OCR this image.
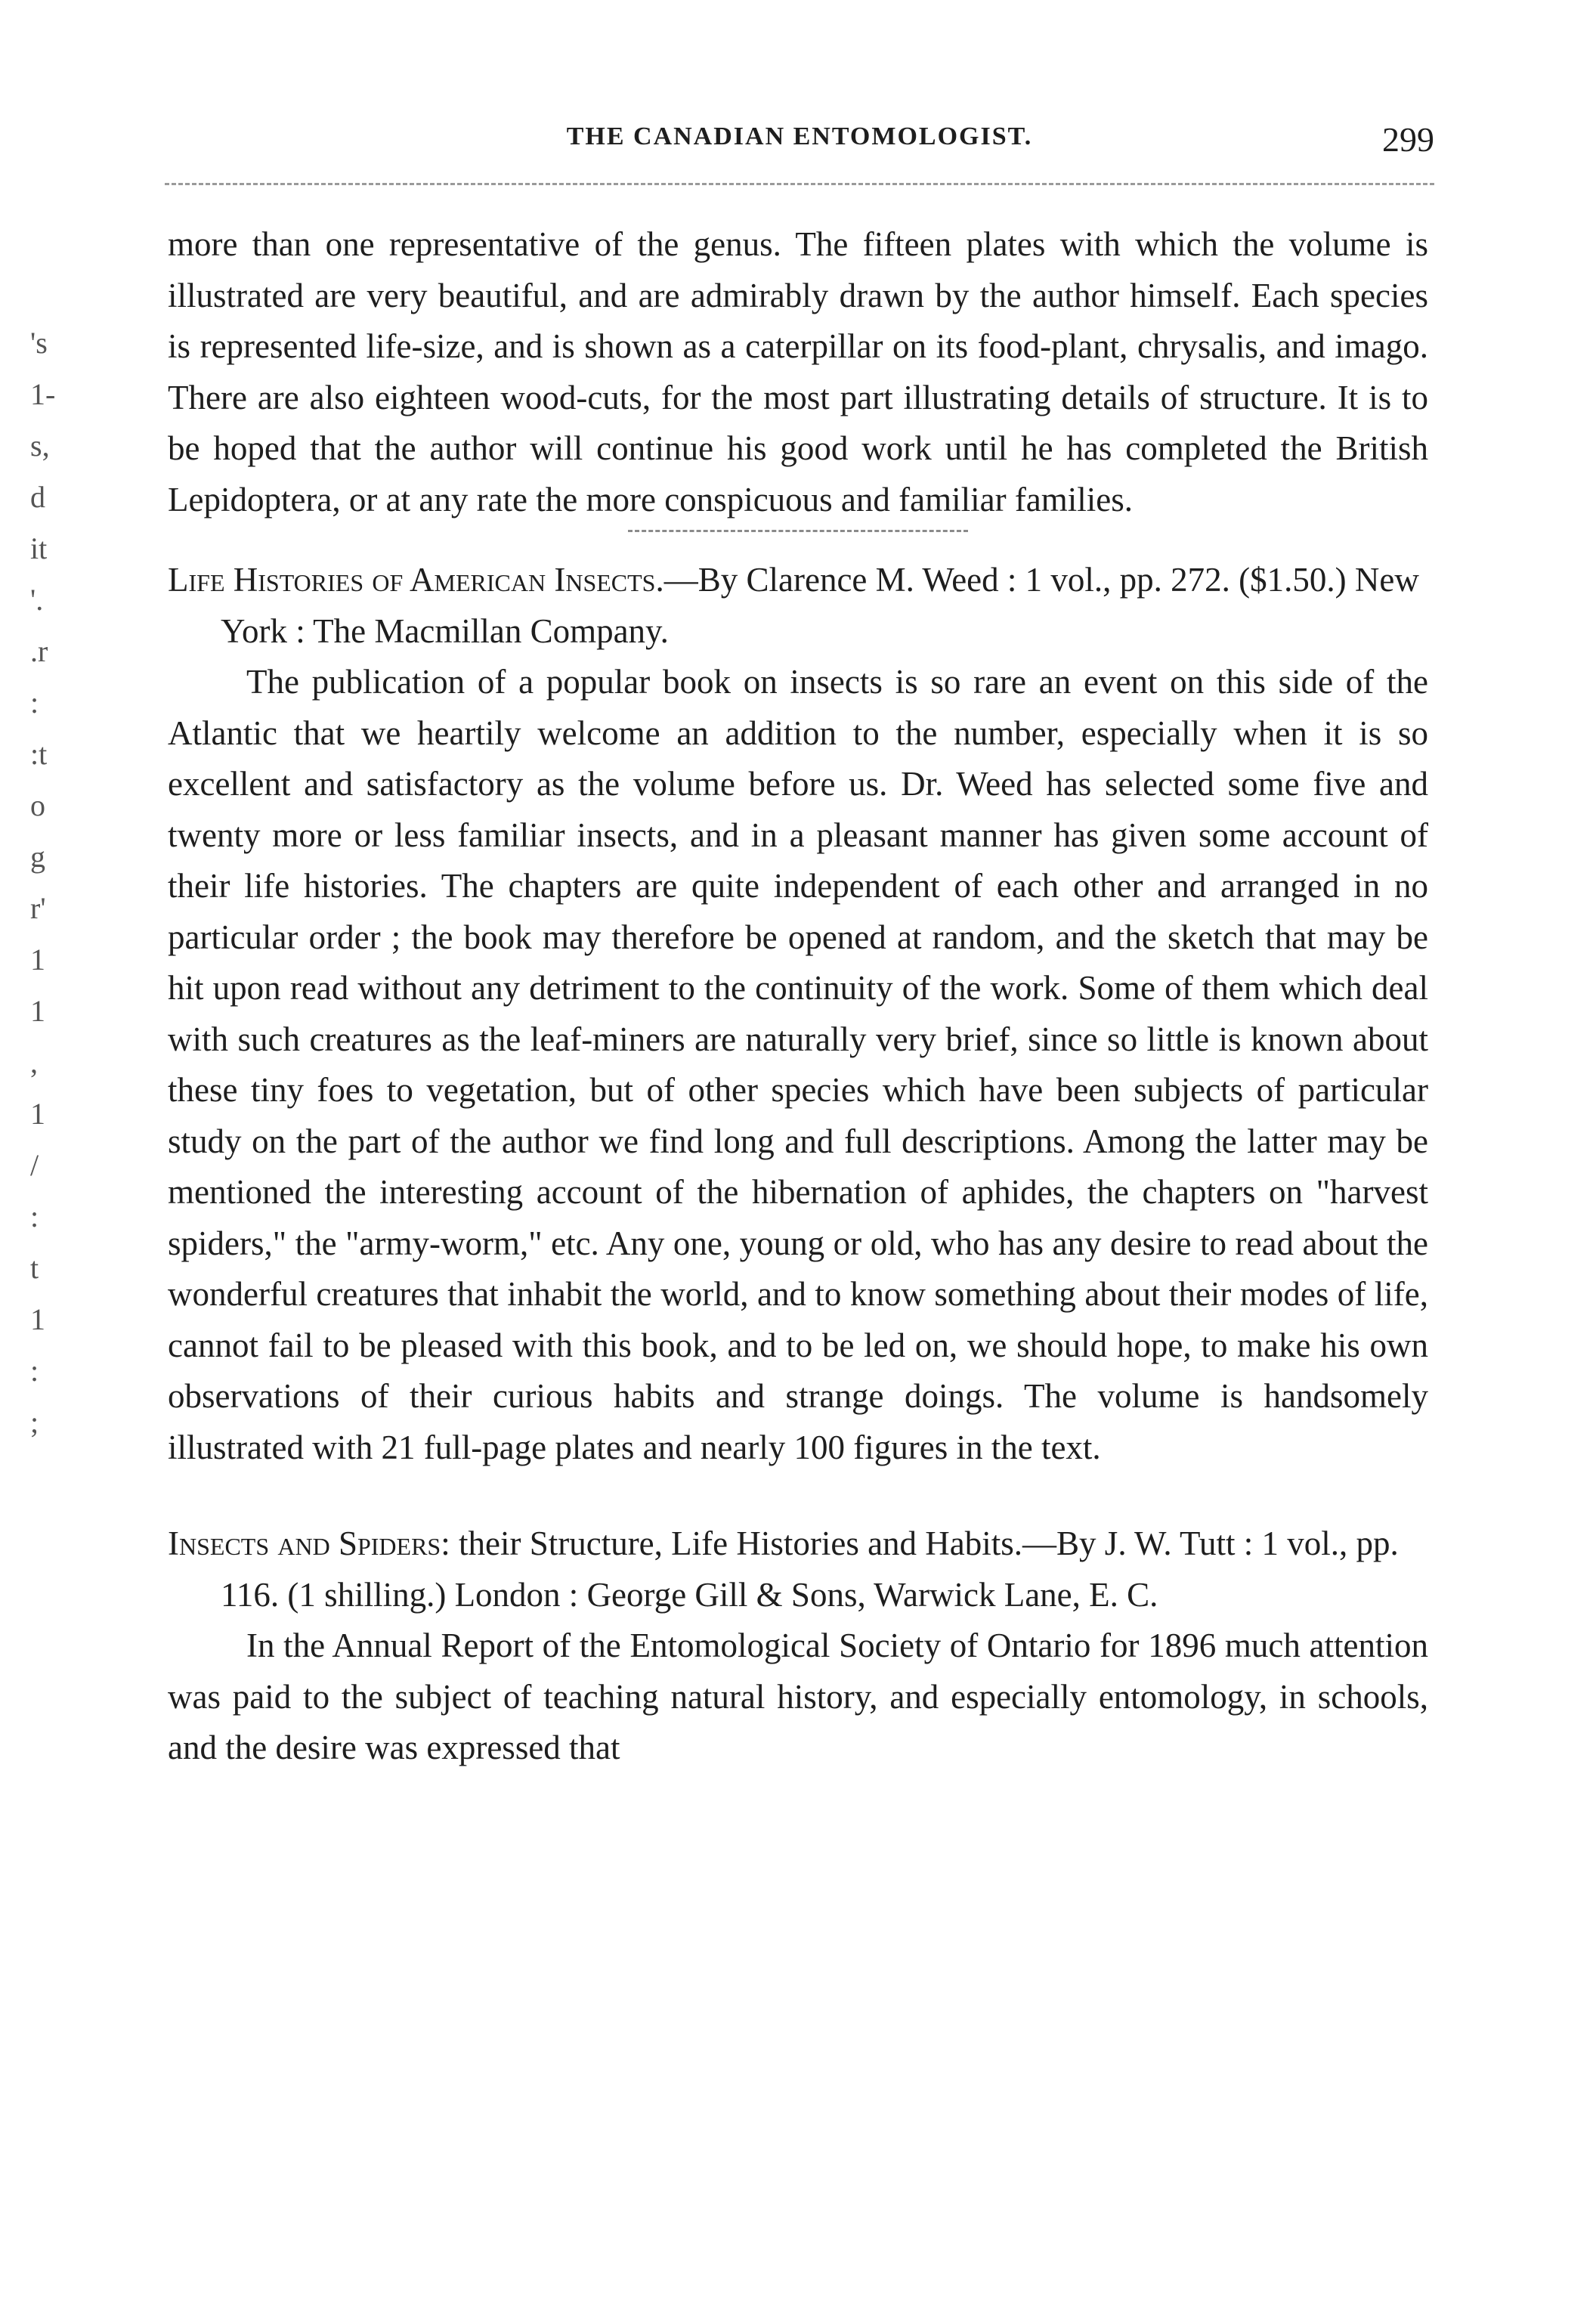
THE CANADIAN ENTOMOLOGIST.	299
's
1-
s,
d
it
'.
.r
:
:t
o
g
r'
1
1
,
1
/
:
t
1
:
;

more than one representative of the genus. The fifteen plates with which the volume is illustrated are very beautiful, and are admirably drawn by the author himself. Each species is represented life-size, and is shown as a caterpillar on its food-plant, chrysalis, and imago. There are also eighteen wood-cuts, for the most part illustrating details of structure. It is to be hoped that the author will continue his good work until he has completed the British Lepidoptera, or at any rate the more conspicuous and familiar families.

Life Histories of American Insects.—By Clarence M. Weed : 1 vol., pp. 272. ($1.50.) New York : The Macmillan Company.

The publication of a popular book on insects is so rare an event on this side of the Atlantic that we heartily welcome an addition to the number, especially when it is so excellent and satisfactory as the volume before us. Dr. Weed has selected some five and twenty more or less familiar insects, and in a pleasant manner has given some account of their life histories. The chapters are quite independent of each other and arranged in no particular order ; the book may therefore be opened at random, and the sketch that may be hit upon read without any detriment to the continuity of the work. Some of them which deal with such creatures as the leaf-miners are naturally very brief, since so little is known about these tiny foes to vegetation, but of other species which have been subjects of particular study on the part of the author we find long and full descriptions. Among the latter may be mentioned the interesting account of the hibernation of aphides, the chapters on "harvest spiders," the "army-worm," etc. Any one, young or old, who has any desire to read about the wonderful creatures that inhabit the world, and to know something about their modes of life, cannot fail to be pleased with this book, and to be led on, we should hope, to make his own observations of their curious habits and strange doings. The volume is handsomely illustrated with 21 full-page plates and nearly 100 figures in the text.

Insects and Spiders: their Structure, Life Histories and Habits.—By J. W. Tutt : 1 vol., pp. 116. (1 shilling.) London : George Gill & Sons, Warwick Lane, E. C.

In the Annual Report of the Entomological Society of Ontario for 1896 much attention was paid to the subject of teaching natural history, and especially entomology, in schools, and the desire was expressed that
